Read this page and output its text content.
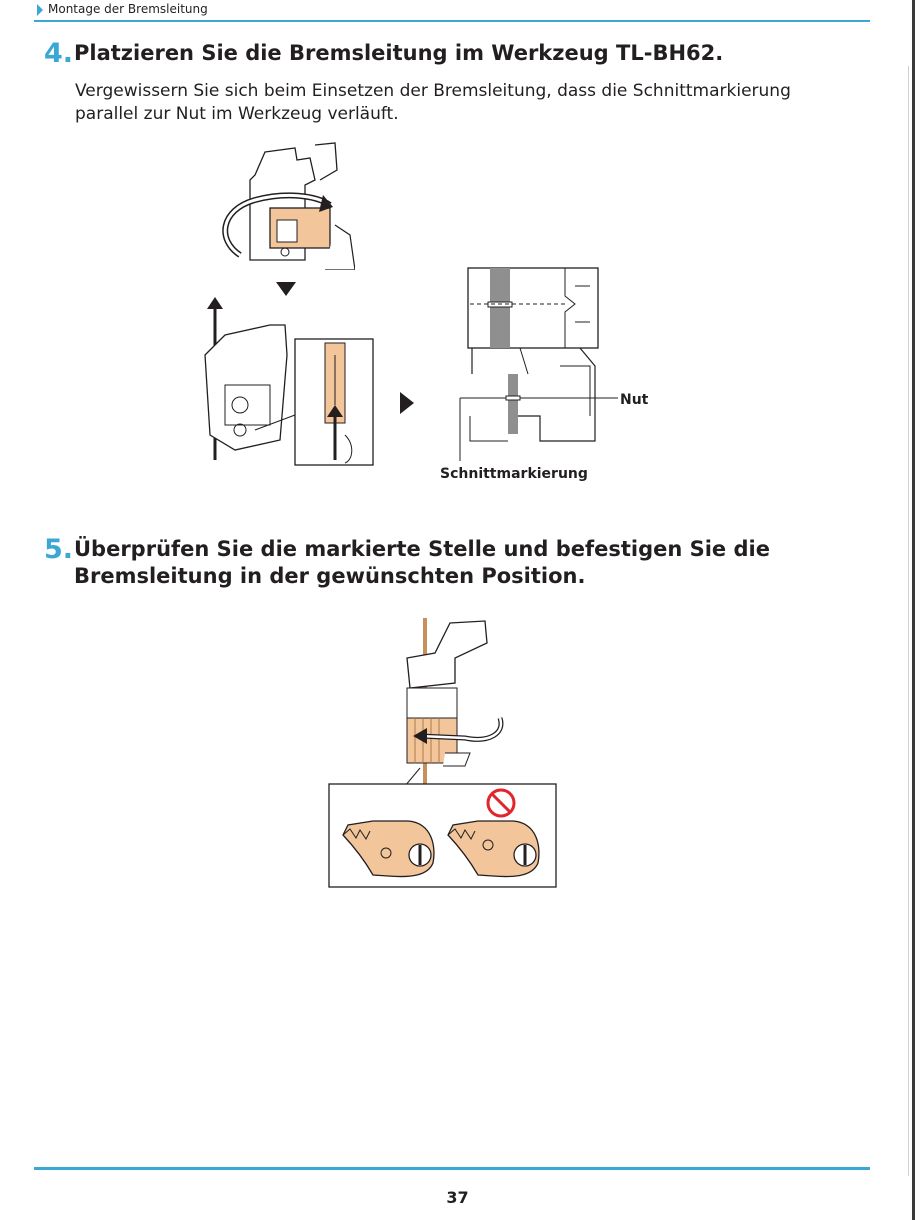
Montage der Bremsleitung
4. Platzieren Sie die Bremsleitung im Werkzeug TL-BH62.
Vergewissern Sie sich beim Einsetzen der Bremsleitung, dass die Schnittmarkierung parallel zur Nut im Werkzeug verläuft.
Nut
Schnittmarkierung
5. Überprüfen Sie die markierte Stelle und befestigen Sie die
Bremsleitung in der gewünschten Position.
37
